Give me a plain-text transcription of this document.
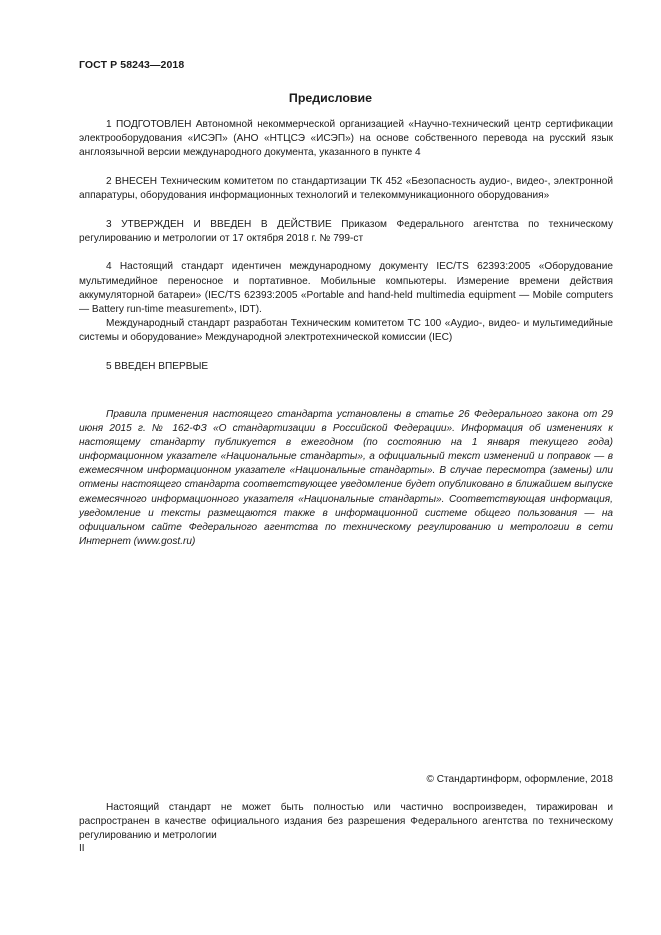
ГОСТ Р 58243—2018
Предисловие

1 ПОДГОТОВЛЕН Автономной некоммерческой организацией «Научно-технический центр сертификации электрооборудования «ИСЭП» (АНО «НТЦСЭ «ИСЭП») на основе собственного перевода на русский язык англоязычной версии международного документа, указанного в пункте 4

2 ВНЕСЕН Техническим комитетом по стандартизации ТК 452 «Безопасность аудио-, видео-, электронной аппаратуры, оборудования информационных технологий и телекоммуникационного оборудования»

3 УТВЕРЖДЕН И ВВЕДЕН В ДЕЙСТВИЕ Приказом Федерального агентства по техническому регулированию и метрологии от 17 октября 2018 г. № 799-ст

4 Настоящий стандарт идентичен международному документу IEC/TS 62393:2005 «Оборудование мультимедийное переносное и портативное. Мобильные компьютеры. Измерение времени действия аккумуляторной батареи» (IEC/TS 62393:2005 «Portable and hand-held multimedia equipment — Mobile computers — Battery run-time measurement», IDT).

Международный стандарт разработан Техническим комитетом ТС 100 «Аудио-, видео- и мультимедийные системы и оборудование» Международной электротехнической комиссии (IEC)

5 ВВЕДЕН ВПЕРВЫЕ

Правила применения настоящего стандарта установлены в статье 26 Федерального закона от 29 июня 2015 г. № 162-ФЗ «О стандартизации в Российской Федерации». Информация об изменениях к настоящему стандарту публикуется в ежегодном (по состоянию на 1 января текущего года) информационном указателе «Национальные стандарты», а официальный текст изменений и поправок — в ежемесячном информационном указателе «Национальные стандарты». В случае пересмотра (замены) или отмены настоящего стандарта соответствующее уведомление будет опубликовано в ближайшем выпуске ежемесячного информационного указателя «Национальные стандарты». Соответствующая информация, уведомление и тексты размещаются также в информационной системе общего пользования — на официальном сайте Федерального агентства по техническому регулированию и метрологии в сети Интернет (www.gost.ru)

© Стандартинформ, оформление, 2018

Настоящий стандарт не может быть полностью или частично воспроизведен, тиражирован и распространен в качестве официального издания без разрешения Федерального агентства по техническому регулированию и метрологии

II
